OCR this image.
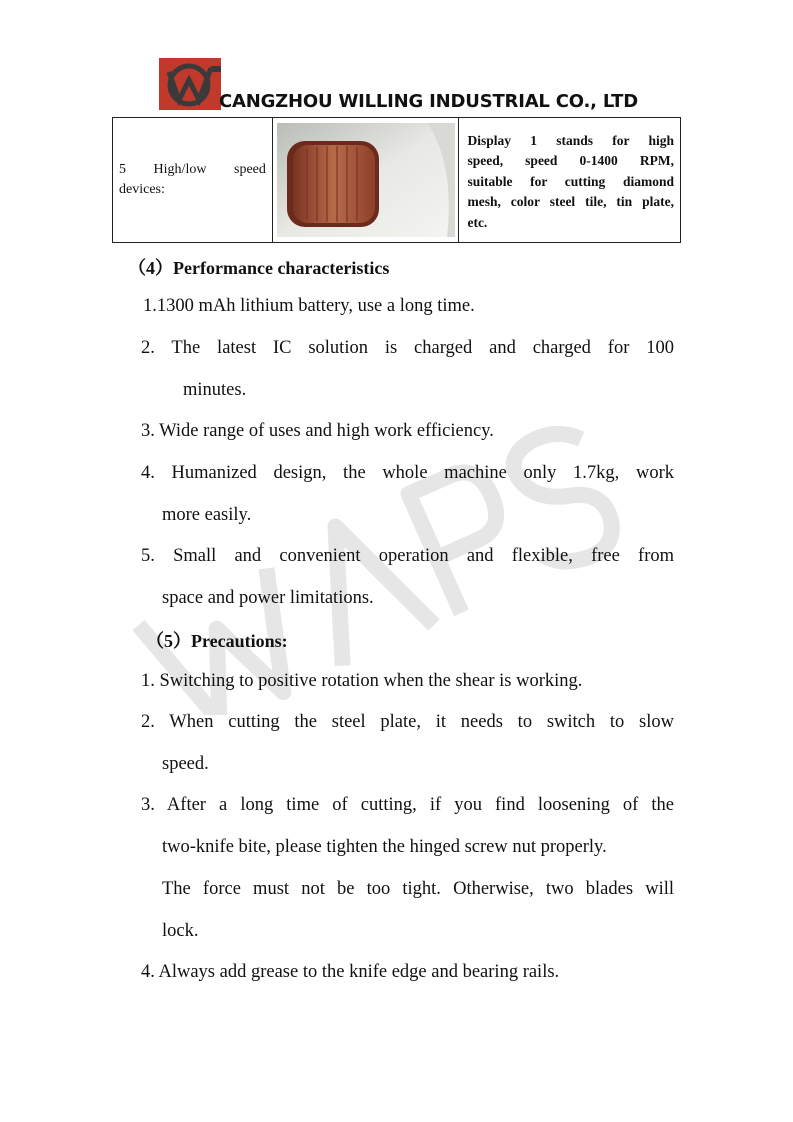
WAPS
CANGZHOU WILLING INDUSTRIAL CO., LTD
5 High/low speed
devices:	

Display 1 stands for high
speed, speed 0-1400 RPM,
suitable for cutting diamond
mesh, color steel tile, tin plate,
etc.
（4）Performance characteristics
1.1300 mAh lithium battery, use a long time.
2. The latest IC solution is charged and charged for 100
minutes.
3. Wide range of uses and high work efficiency.
4. Humanized design, the whole machine only 1.7kg, work
more easily.
5. Small and convenient operation and flexible, free from
space and power limitations.
（5）Precautions:
1. Switching to positive rotation when the shear is working.
2. When cutting the steel plate, it needs to switch to slow
speed.
3. After a long time of cutting, if you find loosening of the
two-knife bite, please tighten the hinged screw nut properly.
The force must not be too tight. Otherwise, two blades will
lock.
4. Always add grease to the knife edge and bearing rails.
